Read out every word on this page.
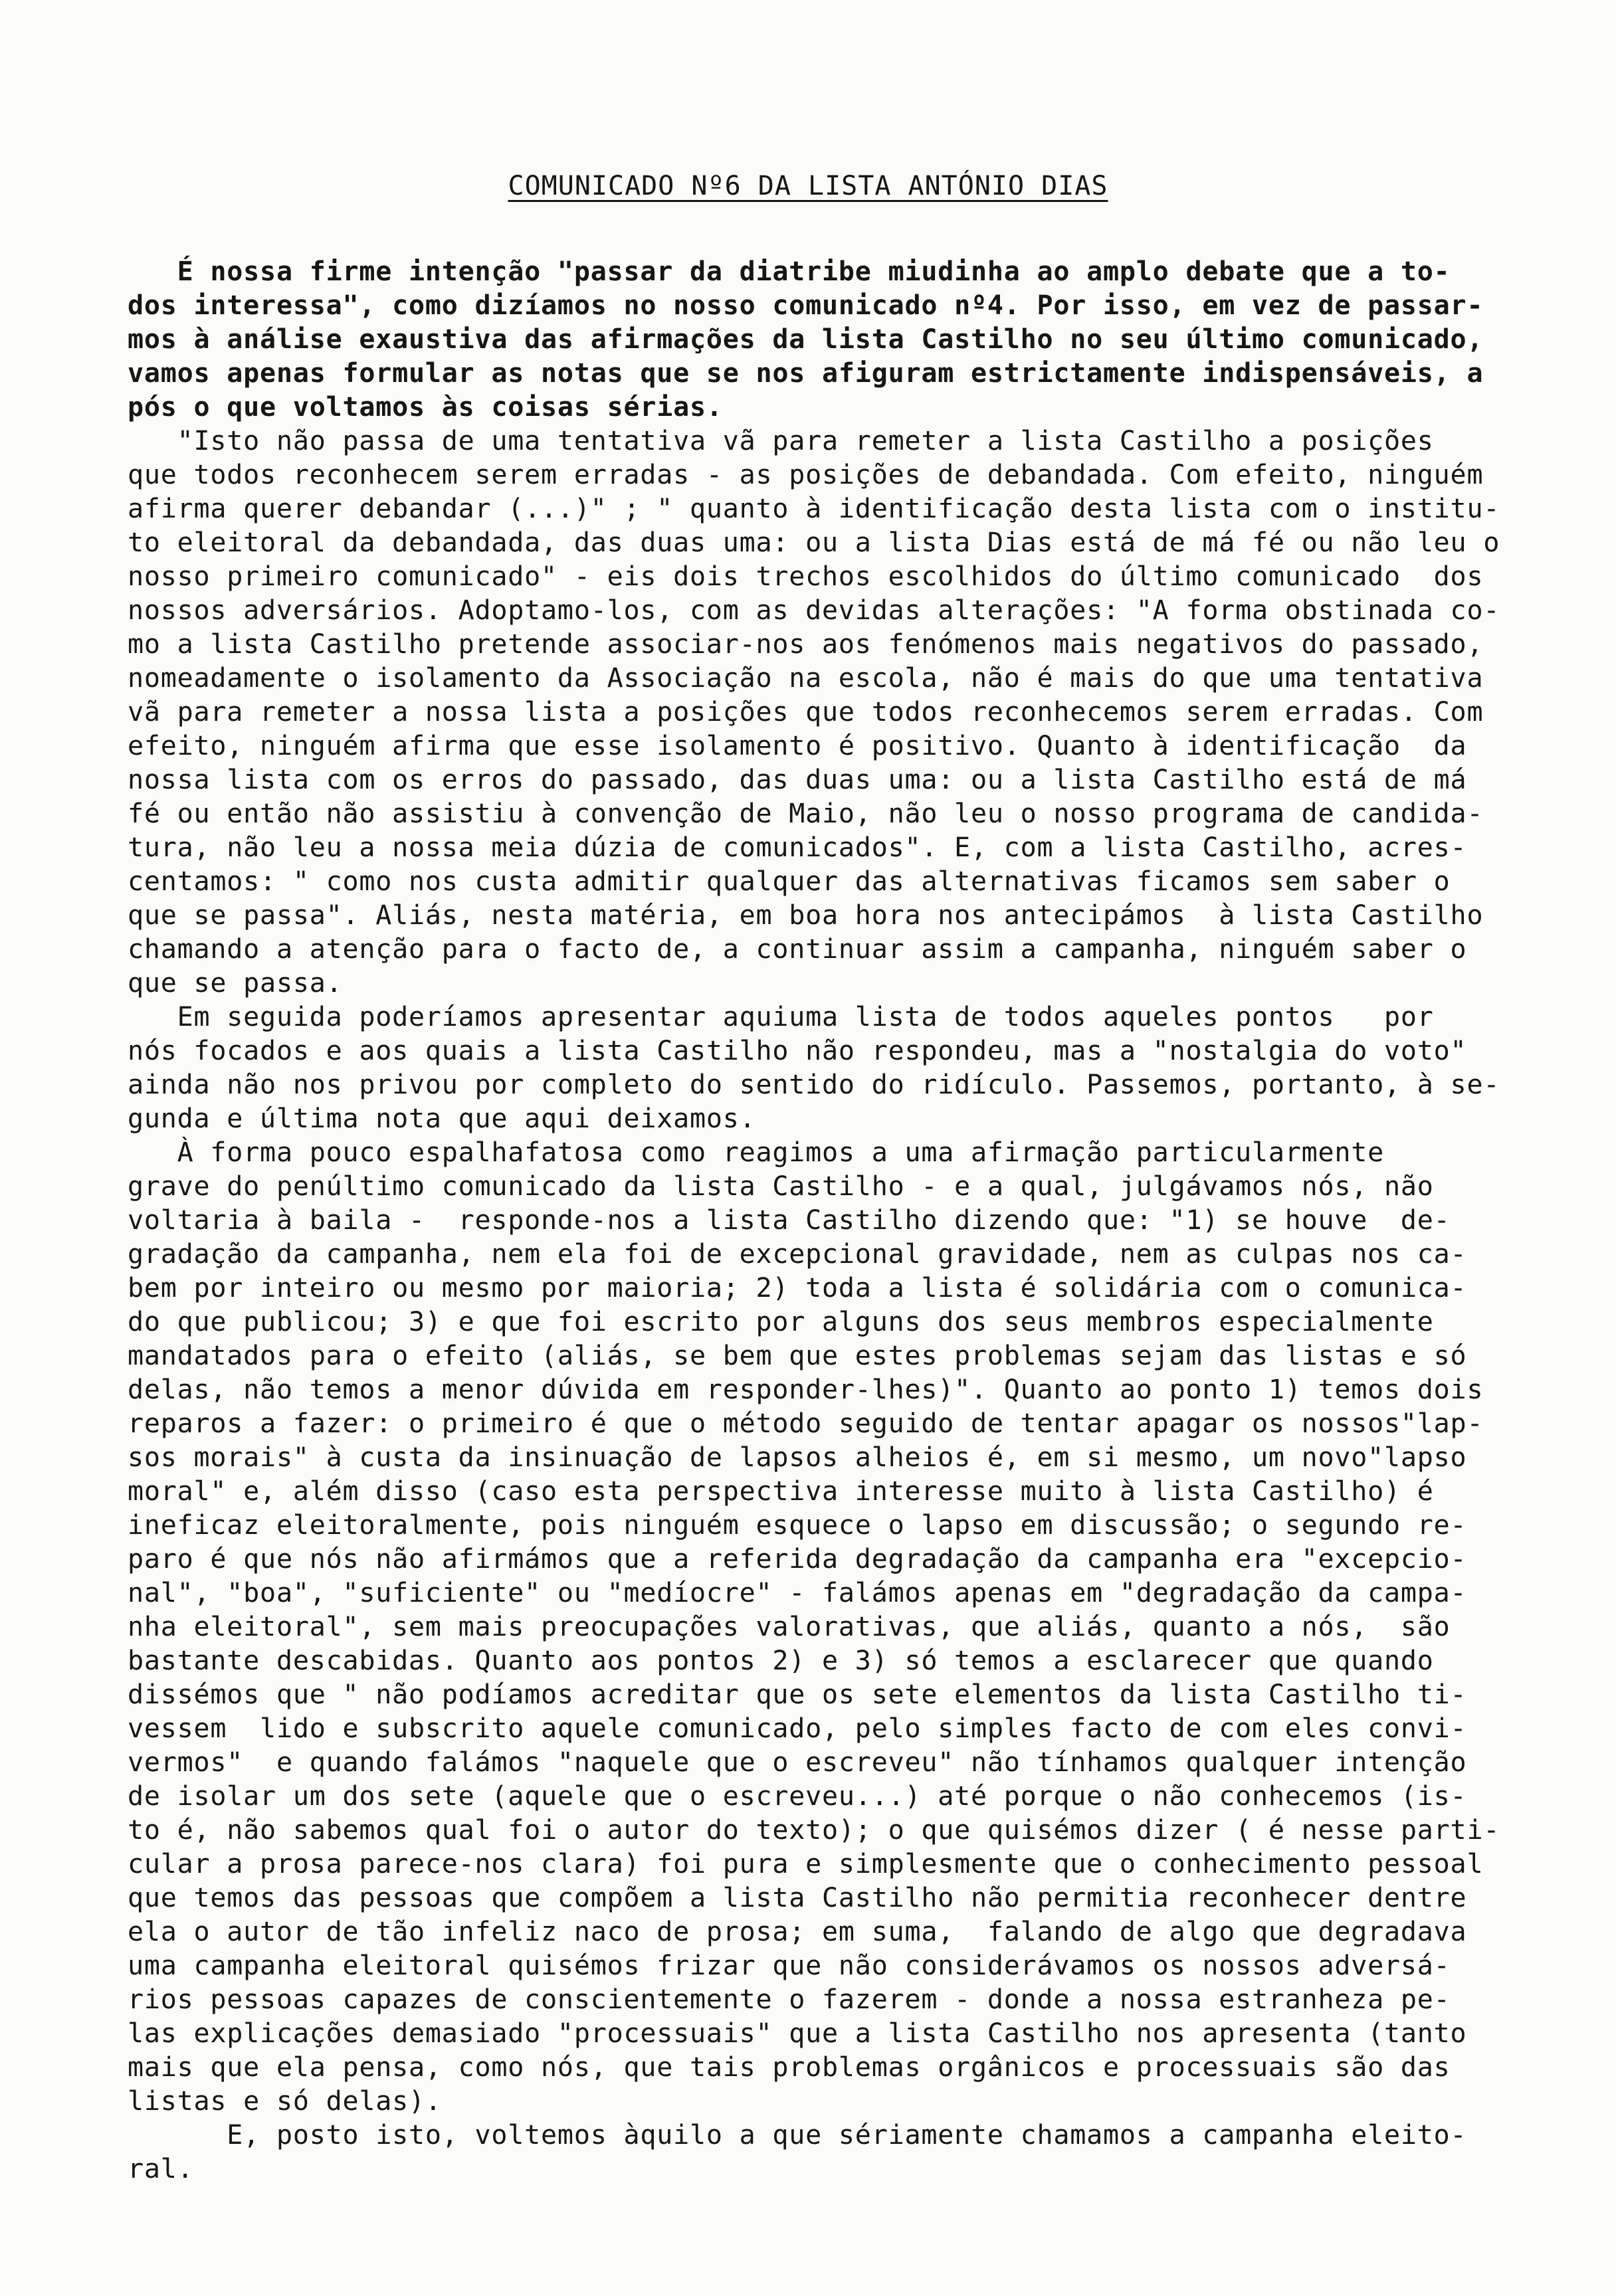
COMUNICADO Nº6 DA LISTA ANTÓNIO DIAS
É nossa firme intenção "passar da diatribe miudinha ao amplo debate que a to-
dos interessa", como dizíamos no nosso comunicado nº4. Por isso, em vez de passar-
mos à análise exaustiva das afirmações da lista Castilho no seu último comunicado,
vamos apenas formular as notas que se nos afiguram estrictamente indispensáveis, a
pós o que voltamos às coisas sérias.
"Isto não passa de uma tentativa vã para remeter a lista Castilho a posições
que todos reconhecem serem erradas - as posições de debandada. Com efeito, ninguém
afirma querer debandar (...)" ; " quanto à identificação desta lista com o institu-
to eleitoral da debandada, das duas uma: ou a lista Dias está de má fé ou não leu o
nosso primeiro comunicado" - eis dois trechos escolhidos do último comunicado  dos
nossos adversários. Adoptamo-los, com as devidas alterações: "A forma obstinada co-
mo a lista Castilho pretende associar-nos aos fenómenos mais negativos do passado,
nomeadamente o isolamento da Associação na escola, não é mais do que uma tentativa
vã para remeter a nossa lista a posições que todos reconhecemos serem erradas. Com
efeito, ninguém afirma que esse isolamento é positivo. Quanto à identificação  da
nossa lista com os erros do passado, das duas uma: ou a lista Castilho está de má
fé ou então não assistiu à convenção de Maio, não leu o nosso programa de candida-
tura, não leu a nossa meia dúzia de comunicados". E, com a lista Castilho, acres-
centamos: " como nos custa admitir qualquer das alternativas ficamos sem saber o
que se passa". Aliás, nesta matéria, em boa hora nos antecipámos  à lista Castilho
chamando a atenção para o facto de, a continuar assim a campanha, ninguém saber o
que se passa.
Em seguida poderíamos apresentar aquiuma lista de todos aqueles pontos   por
nós focados e aos quais a lista Castilho não respondeu, mas a "nostalgia do voto"
ainda não nos privou por completo do sentido do ridículo. Passemos, portanto, à se-
gunda e última nota que aqui deixamos.
À forma pouco espalhafatosa como reagimos a uma afirmação particularmente
grave do penúltimo comunicado da lista Castilho - e a qual, julgávamos nós, não
voltaria à baila -  responde-nos a lista Castilho dizendo que: "1) se houve  de-
gradação da campanha, nem ela foi de excepcional gravidade, nem as culpas nos ca-
bem por inteiro ou mesmo por maioria; 2) toda a lista é solidária com o comunica-
do que publicou; 3) e que foi escrito por alguns dos seus membros especialmente
mandatados para o efeito (aliás, se bem que estes problemas sejam das listas e só
delas, não temos a menor dúvida em responder-lhes)". Quanto ao ponto 1) temos dois
reparos a fazer: o primeiro é que o método seguido de tentar apagar os nossos"lap-
sos morais" à custa da insinuação de lapsos alheios é, em si mesmo, um novo"lapso
moral" e, além disso (caso esta perspectiva interesse muito à lista Castilho) é
ineficaz eleitoralmente, pois ninguém esquece o lapso em discussão; o segundo re-
paro é que nós não afirmámos que a referida degradação da campanha era "excepcio-
nal", "boa", "suficiente" ou "medíocre" - falámos apenas em "degradação da campa-
nha eleitoral", sem mais preocupações valorativas, que aliás, quanto a nós,  são
bastante descabidas. Quanto aos pontos 2) e 3) só temos a esclarecer que quando
dissémos que " não podíamos acreditar que os sete elementos da lista Castilho ti-
vessem  lido e subscrito aquele comunicado, pelo simples facto de com eles convi-
vermos"  e quando falámos "naquele que o escreveu" não tínhamos qualquer intenção
de isolar um dos sete (aquele que o escreveu...) até porque o não conhecemos (is-
to é, não sabemos qual foi o autor do texto); o que quisémos dizer ( é nesse parti-
cular a prosa parece-nos clara) foi pura e simplesmente que o conhecimento pessoal
que temos das pessoas que compõem a lista Castilho não permitia reconhecer dentre
ela o autor de tão infeliz naco de prosa; em suma,  falando de algo que degradava
uma campanha eleitoral quisémos frizar que não considerávamos os nossos adversá-
rios pessoas capazes de conscientemente o fazerem - donde a nossa estranheza pe-
las explicações demasiado "processuais" que a lista Castilho nos apresenta (tanto
mais que ela pensa, como nós, que tais problemas orgânicos e processuais são das
listas e só delas).
E, posto isto, voltemos àquilo a que sériamente chamamos a campanha eleito-
ral.
